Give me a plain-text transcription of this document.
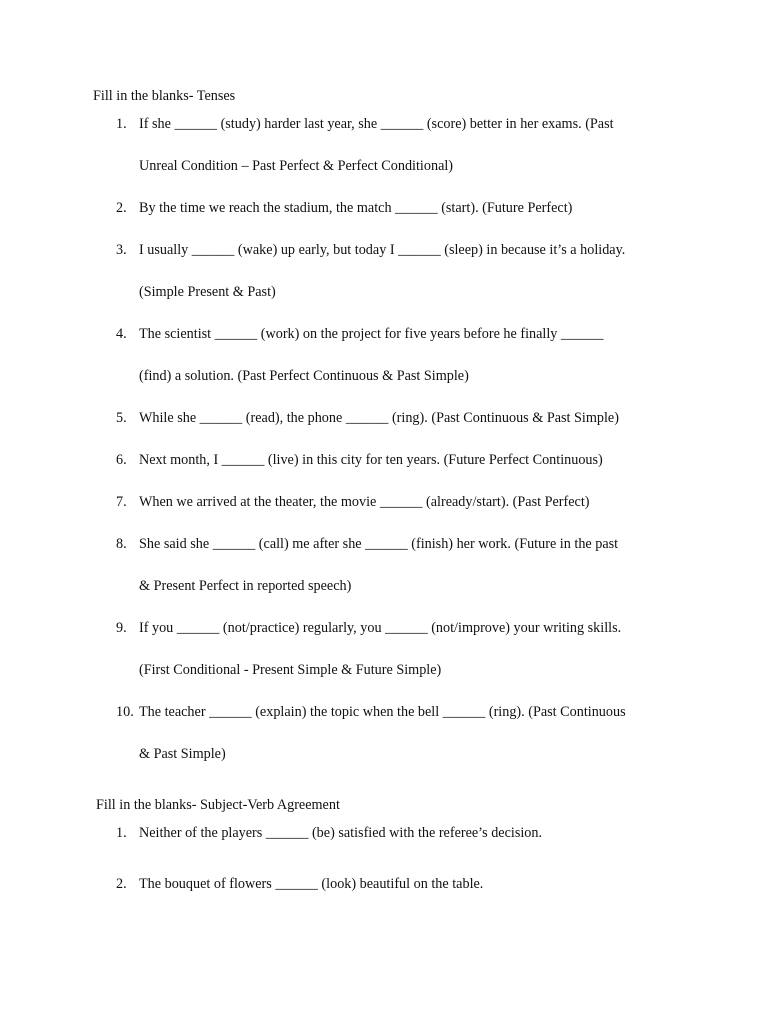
Fill in the blanks- Tenses
1. If she ______ (study) harder last year, she ______ (score) better in her exams. (Past
Unreal Condition – Past Perfect & Perfect Conditional)
2. By the time we reach the stadium, the match ______ (start). (Future Perfect)
3. I usually ______ (wake) up early, but today I ______ (sleep) in because it’s a holiday.
(Simple Present & Past)
4. The scientist ______ (work) on the project for five years before he finally ______
(find) a solution. (Past Perfect Continuous & Past Simple)
5. While she ______ (read), the phone ______ (ring). (Past Continuous & Past Simple)
6. Next month, I ______ (live) in this city for ten years. (Future Perfect Continuous)
7. When we arrived at the theater, the movie ______ (already/start). (Past Perfect)
8. She said she ______ (call) me after she ______ (finish) her work. (Future in the past
& Present Perfect in reported speech)
9. If you ______ (not/practice) regularly, you ______ (not/improve) your writing skills.
(First Conditional - Present Simple & Future Simple)
10. The teacher ______ (explain) the topic when the bell ______ (ring). (Past Continuous
& Past Simple)
Fill in the blanks- Subject-Verb Agreement
1. Neither of the players ______ (be) satisfied with the referee’s decision.
2. The bouquet of flowers ______ (look) beautiful on the table.
